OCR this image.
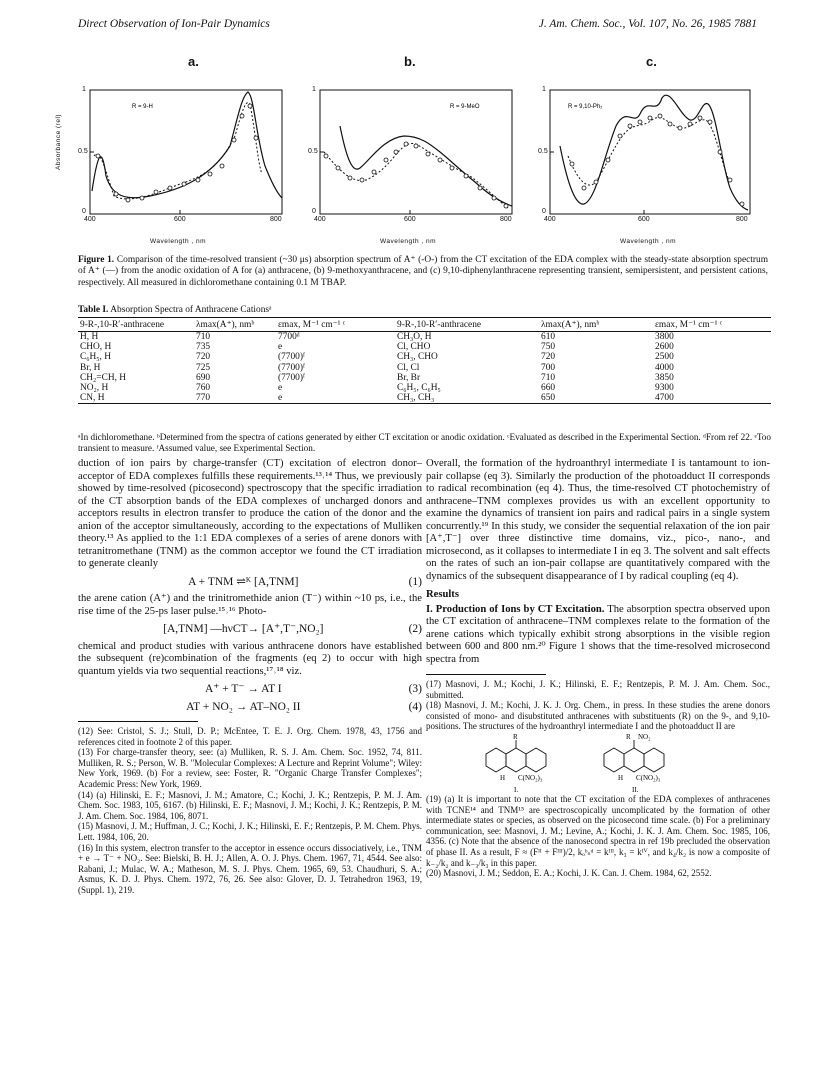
Direct Observation of Ion-Pair Dynamics	J. Am. Chem. Soc., Vol. 107, No. 26, 1985 7881
Absorbance (rel)
a.
R = 9-H
1
0.5
0
400	600	800
Wavelength , nm
b.
R = 9-MeO
1
0.5
0
400	600	800
Wavelength , nm
c.
R = 9,10-Ph₂
1
0.5
0
400	600	800
Wavelength , nm
Figure 1. Comparison of the time-resolved transient (~30 μs) absorption spectrum of A⁺ (-O-) from the CT excitation of the EDA complex with the steady-state absorption spectrum of A⁺ (—) from the anodic oxidation of A for (a) anthracene, (b) 9-methoxyanthracene, and (c) 9,10-diphenylanthracene representing transient, semipersistent, and persistent cations, respectively. All measured in dichloromethane containing 0.1 M TBAP.
Table I. Absorption Spectra of Anthracene Cationsᵃ
9-R-,10-R′-anthracene	λmax(A⁺), nmᵇ	εmax, M⁻¹ cm⁻¹ ᶜ	9-R-,10-R′-anthracene	λmax(A⁺), nmᵇ	εmax, M⁻¹ cm⁻¹ ᶜ
H, H	710	7700ᵈ	CH₃O, H	610	3800
CHO, H	735	e	Cl, CHO	750	2600
C₆H₅, H	720	(7700)ᶠ	CH₃, CHO	720	2500
Br, H	725	(7700)ᶠ	Cl, Cl	700	4000
CH₂=CH, H	690	(7700)ᶠ	Br, Br	710	3850
NO₂, H	760	e	C₆H₅, C₆H₅	660	9300
CN, H	770	e	CH₃, CH₃	650	4700
ᵃIn dichloromethane. ᵇDetermined from the spectra of cations generated by either CT excitation or anodic oxidation. ᶜEvaluated as described in the Experimental Section. ᵈFrom ref 22. ᵉToo transient to measure. ᶠAssumed value, see Experimental Section.
duction of ion pairs by charge-transfer (CT) excitation of electron donor–acceptor of EDA complexes fulfills these requirements.¹³˒¹⁴ Thus, we previously showed by time-resolved (picosecond) spectroscopy that the specific irradiation of the CT absorption bands of the EDA complexes of uncharged donors and acceptors results in electron transfer to produce the cation of the donor and the anion of the acceptor simultaneously, according to the expectations of Mulliken theory.¹³ As applied to the 1:1 EDA complexes of a series of arene donors with tetranitromethane (TNM) as the common acceptor we found the CT irradiation to generate cleanly
A + TNM ⇌ᴷ [A,TNM]	(1)
the arene cation (A⁺) and the trinitromethide anion (T⁻) within ~10 ps, i.e., the rise time of the 25-ps laser pulse.¹⁵˒¹⁶ Photo-
[A,TNM] —hνCT→ [A⁺,T⁻,NO₂]	(2)
chemical and product studies with various anthracene donors have established the subsequent (re)combination of the fragments (eq 2) to occur with high quantum yields via two sequential reactions,¹⁷˒¹⁸ viz.
A⁺ + T⁻ → AT I	(3)
AT + NO₂ → AT–NO₂ II	(4)
(12) See: Cristol, S. J.; Stull, D. P.; McEntee, T. E. J. Org. Chem. 1978, 43, 1756 and references cited in footnote 2 of this paper.
(13) For charge-transfer theory, see: (a) Mulliken, R. S. J. Am. Chem. Soc. 1952, 74, 811. Mulliken, R. S.; Person, W. B. "Molecular Complexes: A Lecture and Reprint Volume"; Wiley: New York, 1969. (b) For a review, see: Foster, R. "Organic Charge Transfer Complexes"; Academic Press: New York, 1969.
(14) (a) Hilinski, E. F.; Masnovi, J. M.; Amatore, C.; Kochi, J. K.; Rentzepis, P. M. J. Am. Chem. Soc. 1983, 105, 6167. (b) Hilinski, E. F.; Masnovi, J. M.; Kochi, J. K.; Rentzepis, P. M. J. Am. Chem. Soc. 1984, 106, 8071.
(15) Masnovi, J. M.; Huffman, J. C.; Kochi, J. K.; Hilinski, E. F.; Rentzepis, P. M. Chem. Phys. Lett. 1984, 106, 20.
(16) In this system, electron transfer to the acceptor in essence occurs dissociatively, i.e., TNM + e → T⁻ + NO₂. See: Bielski, B. H. J.; Allen, A. O. J. Phys. Chem. 1967, 71, 4544. See also: Rabani, J.; Mulac, W. A.; Matheson, M. S. J. Phys. Chem. 1965, 69, 53. Chaudhuri, S. A.; Asmus, K. D. J. Phys. Chem. 1972, 76, 26. See also: Glover, D. J. Tetrahedron 1963, 19, (Suppl. 1), 219.
Overall, the formation of the hydroanthryl intermediate I is tantamount to ion-pair collapse (eq 3). Similarly the production of the photoadduct II corresponds to radical recombination (eq 4). Thus, the time-resolved CT photochemistry of anthracene–TNM complexes provides us with an excellent opportunity to examine the dynamics of transient ion pairs and radical pairs in a single system concurrently.¹⁹ In this study, we consider the sequential relaxation of the ion pair [A⁺,T⁻] over three distinctive time domains, viz., pico-, nano-, and microsecond, as it collapses to intermediate I in eq 3. The solvent and salt effects on the rates of such an ion-pair collapse are quantitatively compared with the dynamics of the subsequent disappearance of I by radical coupling (eq 4).
Results
I. Production of Ions by CT Excitation. The absorption spectra observed upon the CT excitation of anthracene–TNM complexes relate to the formation of the arene cations which typically exhibit strong absorptions in the visible region between 600 and 800 nm.²⁰ Figure 1 shows that the time-resolved microsecond spectra from
(17) Masnovi, J. M.; Kochi, J. K.; Hilinski, E. F.; Rentzepis, P. M. J. Am. Chem. Soc., submitted.
(18) Masnovi, J. M.; Kochi, J. K. J. Org. Chem., in press. In these studies the arene donors consisted of mono- and disubstituted anthracenes with substituents (R) on the 9-, and 9,10- positions. The structures of the hydroanthryl intermediate I and the photoadduct II are
R
H C(NO₂)₃
I.
R NO₂
H C(NO₂)₃
II.
(19) (a) It is important to note that the CT excitation of the EDA complexes of anthracenes with TCNE¹⁴ and TNM¹⁵ are spectroscopically uncomplicated by the formation of other intermediate states or species, as observed on the picosecond time scale. (b) For a preliminary communication, see: Masnovi, J. M.; Levine, A.; Kochi, J. K. J. Am. Chem. Soc. 1985, 106, 4356. (c) Note that the absence of the nanosecond spectra in ref 19b precluded the observation of phase II. As a result, F ≈ (Fᴵᴵ + Fᴵᴵᴵ)/2, kₒᵇₛᵈ = kᴵᴵᴵ, k₃ = kᴵⱽ, and k₄/k₂ is now a composite of k₋₂/k₂ and k₋₃/k₃ in this paper.
(20) Masnovi, J. M.; Seddon, E. A.; Kochi, J. K. Can. J. Chem. 1984, 62, 2552.
